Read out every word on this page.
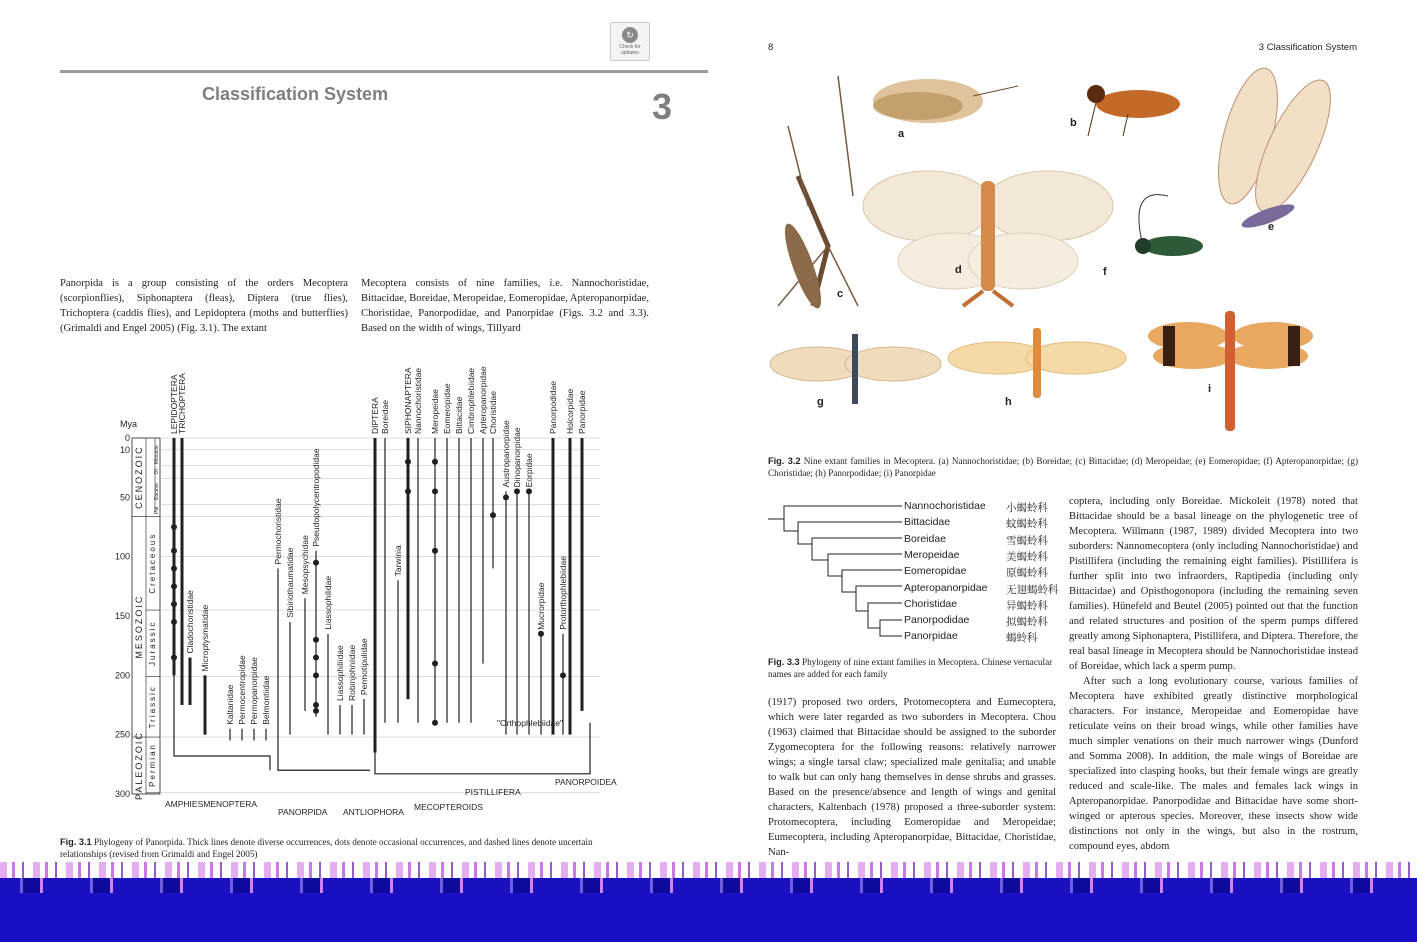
↻
Check for
updates
Classification System	3
Panorpida is a group consisting of the orders Mecoptera (scorpionflies), Siphonaptera (fleas), Diptera (true flies), Trichoptera (caddis flies), and Lepidoptera (moths and butterflies) (Grimaldi and Engel 2005) (Fig. 3.1). The extant
Mecoptera consists of nine families, i.e. Nannochoristidae, Bittacidae, Boreidae, Meropeidae, Eomeropidae, Apteropanorpidae, Choristidae, Panorpodidae, and Panorpidae (Figs. 3.2 and 3.3). Based on the width of wings, Tillyard
Mya
0
10
50
100
150
200
250
300
CENOZOIC
MESOZOIC
PALEOZOIC
Cretaceous
Jurassic
Triassic
Permian
Pal
Eocene
Ol
Miocene
LEPIDOPTERA
TRICHOPTERA
Cladochoristidae Microptysmatidae
Kaltanidae Permocentropidae Permopanorpidae Belmontiidae
Permochoristidae
Sibiriothaumatidae Mesopsychidae
Pseudopolycentropodidae
Liassophilidae
Liassophiliidae Robinjohniidae Permotipulidae
DIPTERA Boreidae SIPHONAPTERA Nannochoristidae Meropeidae Eomeropidae Bittacidae
Tarwinia
Cimbrophlebiidae Apteropanorpidae Choristidae
Austropanorpidae Dinopanorpidae Eorpidae
Panorpodidae Holcorpidae Panorpidae
Mucrorpidae Protorthophlebiidae
"Orthophlebiidae"
AMPHIESMENOPTERA
PANORPIDA ANTLIOPHORA MECOPTEROIDS
PISTILLIFERA
PANORPOIDEA
Fig. 3.1 Phylogeny of Panorpida. Thick lines denote diverse occurrences, dots denote occasional occurrences, and dashed lines denote uncertain relationships (revised from Grimaldi and Engel 2005)
8	3 Classification System
a
b
c
d
e
f
g	h
i
Fig. 3.2 Nine extant families in Mecoptera. (a) Nannochoristidae; (b) Boreidae; (c) Bittacidae; (d) Meropeidae; (e) Eomeropidae; (f) Apteropanorpidae; (g) Choristidae; (h) Panorpodidae; (i) Panorpidae
Nannochoristidae 小蝎蛉科
Bittacidae	蚊蝎蛉科
Boreidae	雪蝎蛉科
Meropeidae	美蝎蛉科
Eomeropidae	原蝎蛉科
Apteropanorpidae 无翅蝎蛉科
Choristidae	异蝎蛉科
Panorpodidae	拟蝎蛉科
Panorpidae	蝎蛉科
Fig. 3.3 Phylogeny of nine extant families in Mecoptera. Chinese vernacular names are added for each family
(1917) proposed two orders, Protomecoptera and Eumecoptera, which were later regarded as two suborders in Mecoptera. Chou (1963) claimed that Bittacidae should be assigned to the suborder Zygomecoptera for the following reasons: relatively narrower wings; a single tarsal claw; specialized male genitalia; and unable to walk but can only hang themselves in dense shrubs and grasses. Based on the presence/absence and length of wings and genital characters, Kaltenbach (1978) proposed a three-suborder system: Protomecoptera, including Eomeropidae and Meropeidae; Eumecoptera, including Apteropanorpidae, Bittacidae, Choristidae, Nan-
coptera, including only Boreidae. Mickoleit (1978) noted that Bittacidae should be a basal lineage on the phylogenetic tree of Mecoptera. Willmann (1987, 1989) divided Mecoptera into two suborders: Nannomecoptera (only including Nannochoristidae) and Pistillifera (including the remaining eight families). Pistillifera is further split into two infraorders, Raptipedia (including only Bittacidae) and Opisthogonopora (including the remaining seven families). Hünefeld and Beutel (2005) pointed out that the function and related structures and position of the sperm pumps differed greatly among Siphonaptera, Pistillifera, and Diptera. Therefore, the real basal lineage in Mecoptera should be Nannochoristidae instead of Boreidae, which lack a sperm pump.
After such a long evolutionary course, various families of Mecoptera have exhibited greatly distinctive morphological characters. For instance, Meropeidae and Eomeropidae have reticulate veins on their broad wings, while other families have much simpler venations on their much narrower wings (Dunford and Somma 2008). In addition, the male wings of Boreidae are specialized into clasping hooks, but their female wings are greatly reduced and scale-like. The males and females lack wings in Apteropanorpidae. Panorpodidae and Bittacidae have some short-winged or apterous species. Moreover, these insects show wide distinctions not only in the wings, but also in the rostrum, compound eyes, abdom
